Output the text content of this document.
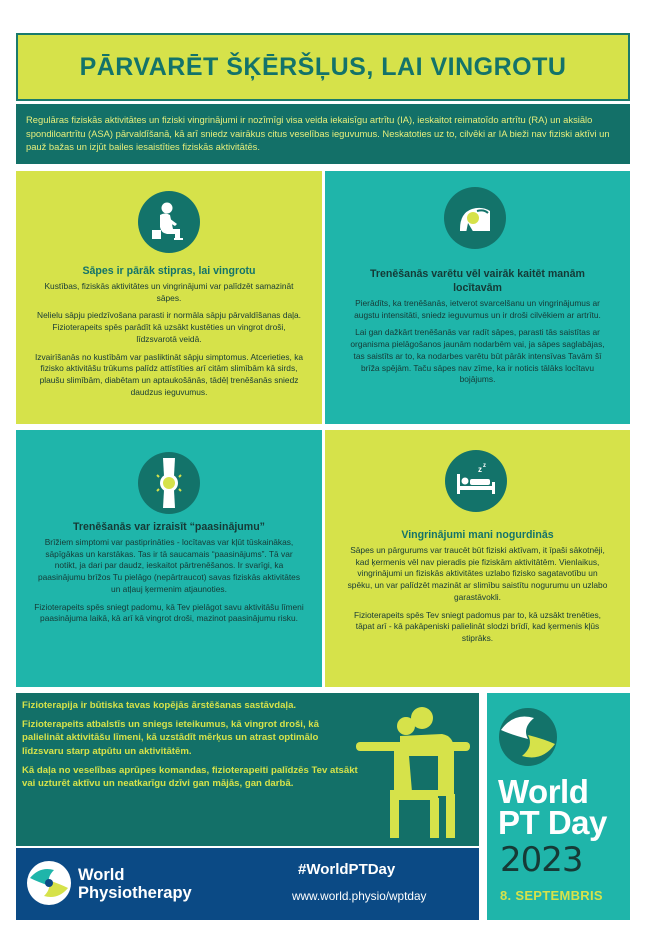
PĀRVARĒT ŠĶĒRŠĻUS, LAI VINGROTU
Regulāras fiziskās aktivitātes un fiziski vingrinājumi ir nozīmīgi visa veida iekaisīgu artrītu (IA), ieskaitot reimatoīdo artrītu (RA) un aksiālo spondiloartrītu (ASA) pārvaldīšanā, kā arī sniedz vairākus citus veselības ieguvumus. Neskatoties uz to, cilvēki ar IA bieži nav fiziski aktīvi un pauž bažas un izjūt bailes iesaistīties fiziskās aktivitātēs.
Sāpes ir pārāk stipras, lai vingrotu

Kustības, fiziskās aktivitātes un vingrinājumi var palīdzēt samazināt sāpes.

Nelielu sāpju piedzīvošana parasti ir normāla sāpju pārvaldīšanas daļa. Fizioterapeits spēs parādīt kā uzsākt kustēties un vingrot droši, līdzsvarotā veidā.

Izvairīšanās no kustībām var pasliktināt sāpju simptomus. Atcerieties, ka fizisko aktivitāšu trūkums palīdz attīstīties arī citām slimībām kā sirds, plaušu slimībām, diabētam un aptaukošānās, tādēļ trenēšanās sniedz daudzus ieguvumus.

Trenēšanās varētu vēl vairāk kaitēt manām locītavām

Pierādīts, ka trenēšanās, ietverot svarcelšanu un vingrinājumus ar augstu intensitāti, sniedz ieguvumus un ir droši cilvēkiem ar artrītu.

Lai gan dažkārt trenēšanās var radīt sāpes, parasti tās saistītas ar organisma pielāgošanos jaunām nodarbēm vai, ja sāpes saglabājas, tas saistīts ar to, ka nodarbes varētu būt pārāk intensīvas Tavām šī brīža spējām. Taču sāpes nav zīme, ka ir noticis tālāks locītavu bojājums.

Trenēšanās var izraisīt “paasinājumu”

Brīžiem simptomi var pastiprināties - locītavas var kļūt tūskainākas, sāpīgākas un karstākas. Tas ir tā saucamais “paasinājums”. Tā var notikt, ja dari par daudz, ieskaitot pārtrenēšanos. Ir svarīgi, ka paasinājumu brīžos Tu pielāgo (nepārtraucot) savas fiziskās aktivitātes un atļauj ķermenim atjaunoties.

Fizioterapeits spēs sniegt padomu, kā Tev pielāgot savu aktivitāšu līmeni paasinājuma laikā, kā arī kā vingrot droši, mazinot paasinājumu risku.

z z
Vingrinājumi mani nogurdinās

Sāpes un pārgurums var traucēt būt fiziski aktīvam, it īpaši sākotnēji, kad ķermenis vēl nav pieradis pie fiziskām aktivitātēm. Vienlaikus, vingrinājumi un fiziskās aktivitātes uzlabo fizisko sagatavotību un spēku, un var palīdzēt mazināt ar slimību saistītu nogurumu un uzlabo garastāvokli.

Fizioterapeits spēs Tev sniegt padomus par to, kā uzsākt trenēties, tāpat arī - kā pakāpeniski palielināt slodzi brīdī, kad ķermenis kļūs stiprāks.

Fizioterapija ir būtiska tavas kopējās ārstēšanas sastāvdaļa.

Fizioterapeits atbalstīs un sniegs ieteikumus, kā vingrot droši, kā palielināt aktivitāšu līmeni, kā uzstādīt mērķus un atrast optimālo līdzsvaru starp atpūtu un aktivitātēm.

Kā daļa no veselības aprūpes komandas, fizioterapeiti palīdzēs Tev atsākt vai uzturēt aktīvu un neatkarīgu dzīvi gan mājās, gan darbā.

World
Physiotherapy
#WorldPTDay
www.world.physio/wptday
World
PT Day
2023
8. SEPTEMBRIS
